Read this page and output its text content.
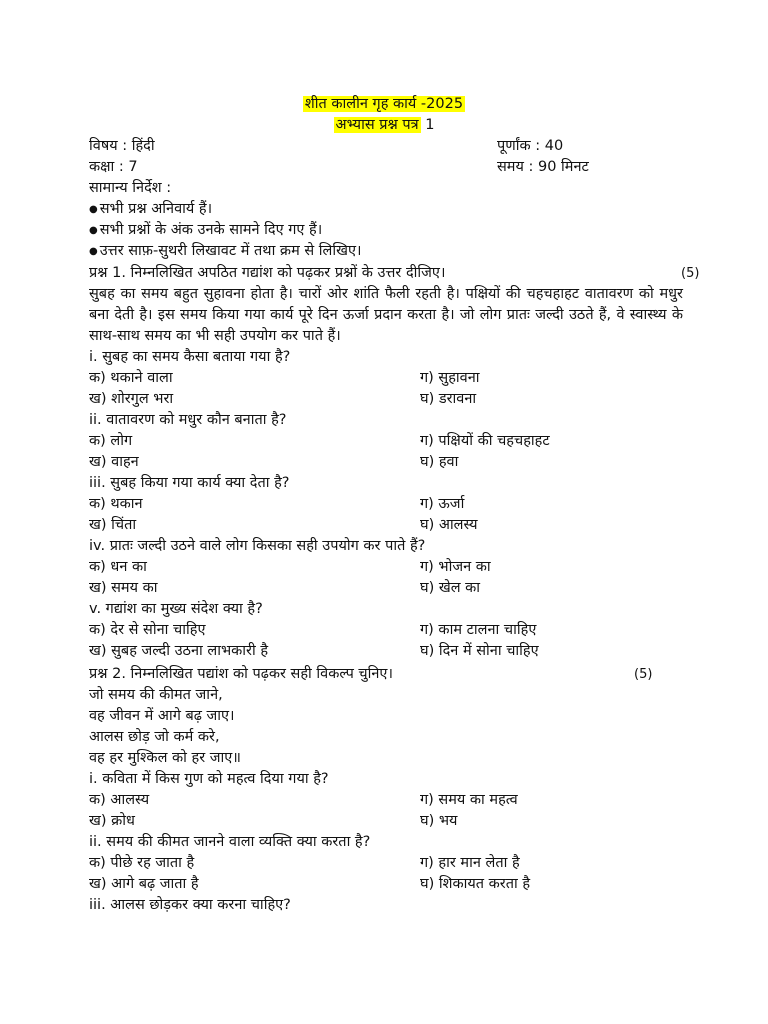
शीत कालीन गृह कार्य -2025
अभ्यास प्रश्न पत्र 1
विषय : हिंदी	पूर्णांक : 40
कक्षा : 7	समय : 90 मिनट
सामान्य निर्देश :
● सभी प्रश्न अनिवार्य हैं।
● सभी प्रश्नों के अंक उनके सामने दिए गए हैं।
● उत्तर साफ़-सुथरी लिखावट में तथा क्रम से लिखिए।
प्रश्न 1. निम्नलिखित अपठित गद्यांश को पढ़कर प्रश्नों के उत्तर दीजिए।	(5)
सुबह का समय बहुत सुहावना होता है। चारों ओर शांति फैली रहती है। पक्षियों की चहचहाहट वातावरण को मधुर बना देती है। इस समय किया गया कार्य पूरे दिन ऊर्जा प्रदान करता है। जो लोग प्रातः जल्दी उठते हैं, वे स्वास्थ्य के साथ-साथ समय का भी सही उपयोग कर पाते हैं।
i. सुबह का समय कैसा बताया गया है?
क) थकाने वाला	ग) सुहावना
ख) शोरगुल भरा	घ) डरावना
ii. वातावरण को मधुर कौन बनाता है?
क) लोग	ग) पक्षियों की चहचहाहट
ख) वाहन	घ) हवा
iii. सुबह किया गया कार्य क्या देता है?
क) थकान	ग) ऊर्जा
ख) चिंता	घ) आलस्य
iv. प्रातः जल्दी उठने वाले लोग किसका सही उपयोग कर पाते हैं?
क) धन का	ग) भोजन का
ख) समय का	घ) खेल का
v. गद्यांश का मुख्य संदेश क्या है?
क) देर से सोना चाहिए	ग) काम टालना चाहिए
ख) सुबह जल्दी उठना लाभकारी है	घ) दिन में सोना चाहिए
प्रश्न 2. निम्नलिखित पद्यांश को पढ़कर सही विकल्प चुनिए।	(5)
जो समय की कीमत जाने,
वह जीवन में आगे बढ़ जाए।
आलस छोड़ जो कर्म करे,
वह हर मुश्किल को हर जाए॥
i. कविता में किस गुण को महत्व दिया गया है?
क) आलस्य	ग) समय का महत्व
ख) क्रोध	घ) भय
ii. समय की कीमत जानने वाला व्यक्ति क्या करता है?
क) पीछे रह जाता है	ग) हार मान लेता है
ख) आगे बढ़ जाता है	घ) शिकायत करता है
iii. आलस छोड़कर क्या करना चाहिए?
